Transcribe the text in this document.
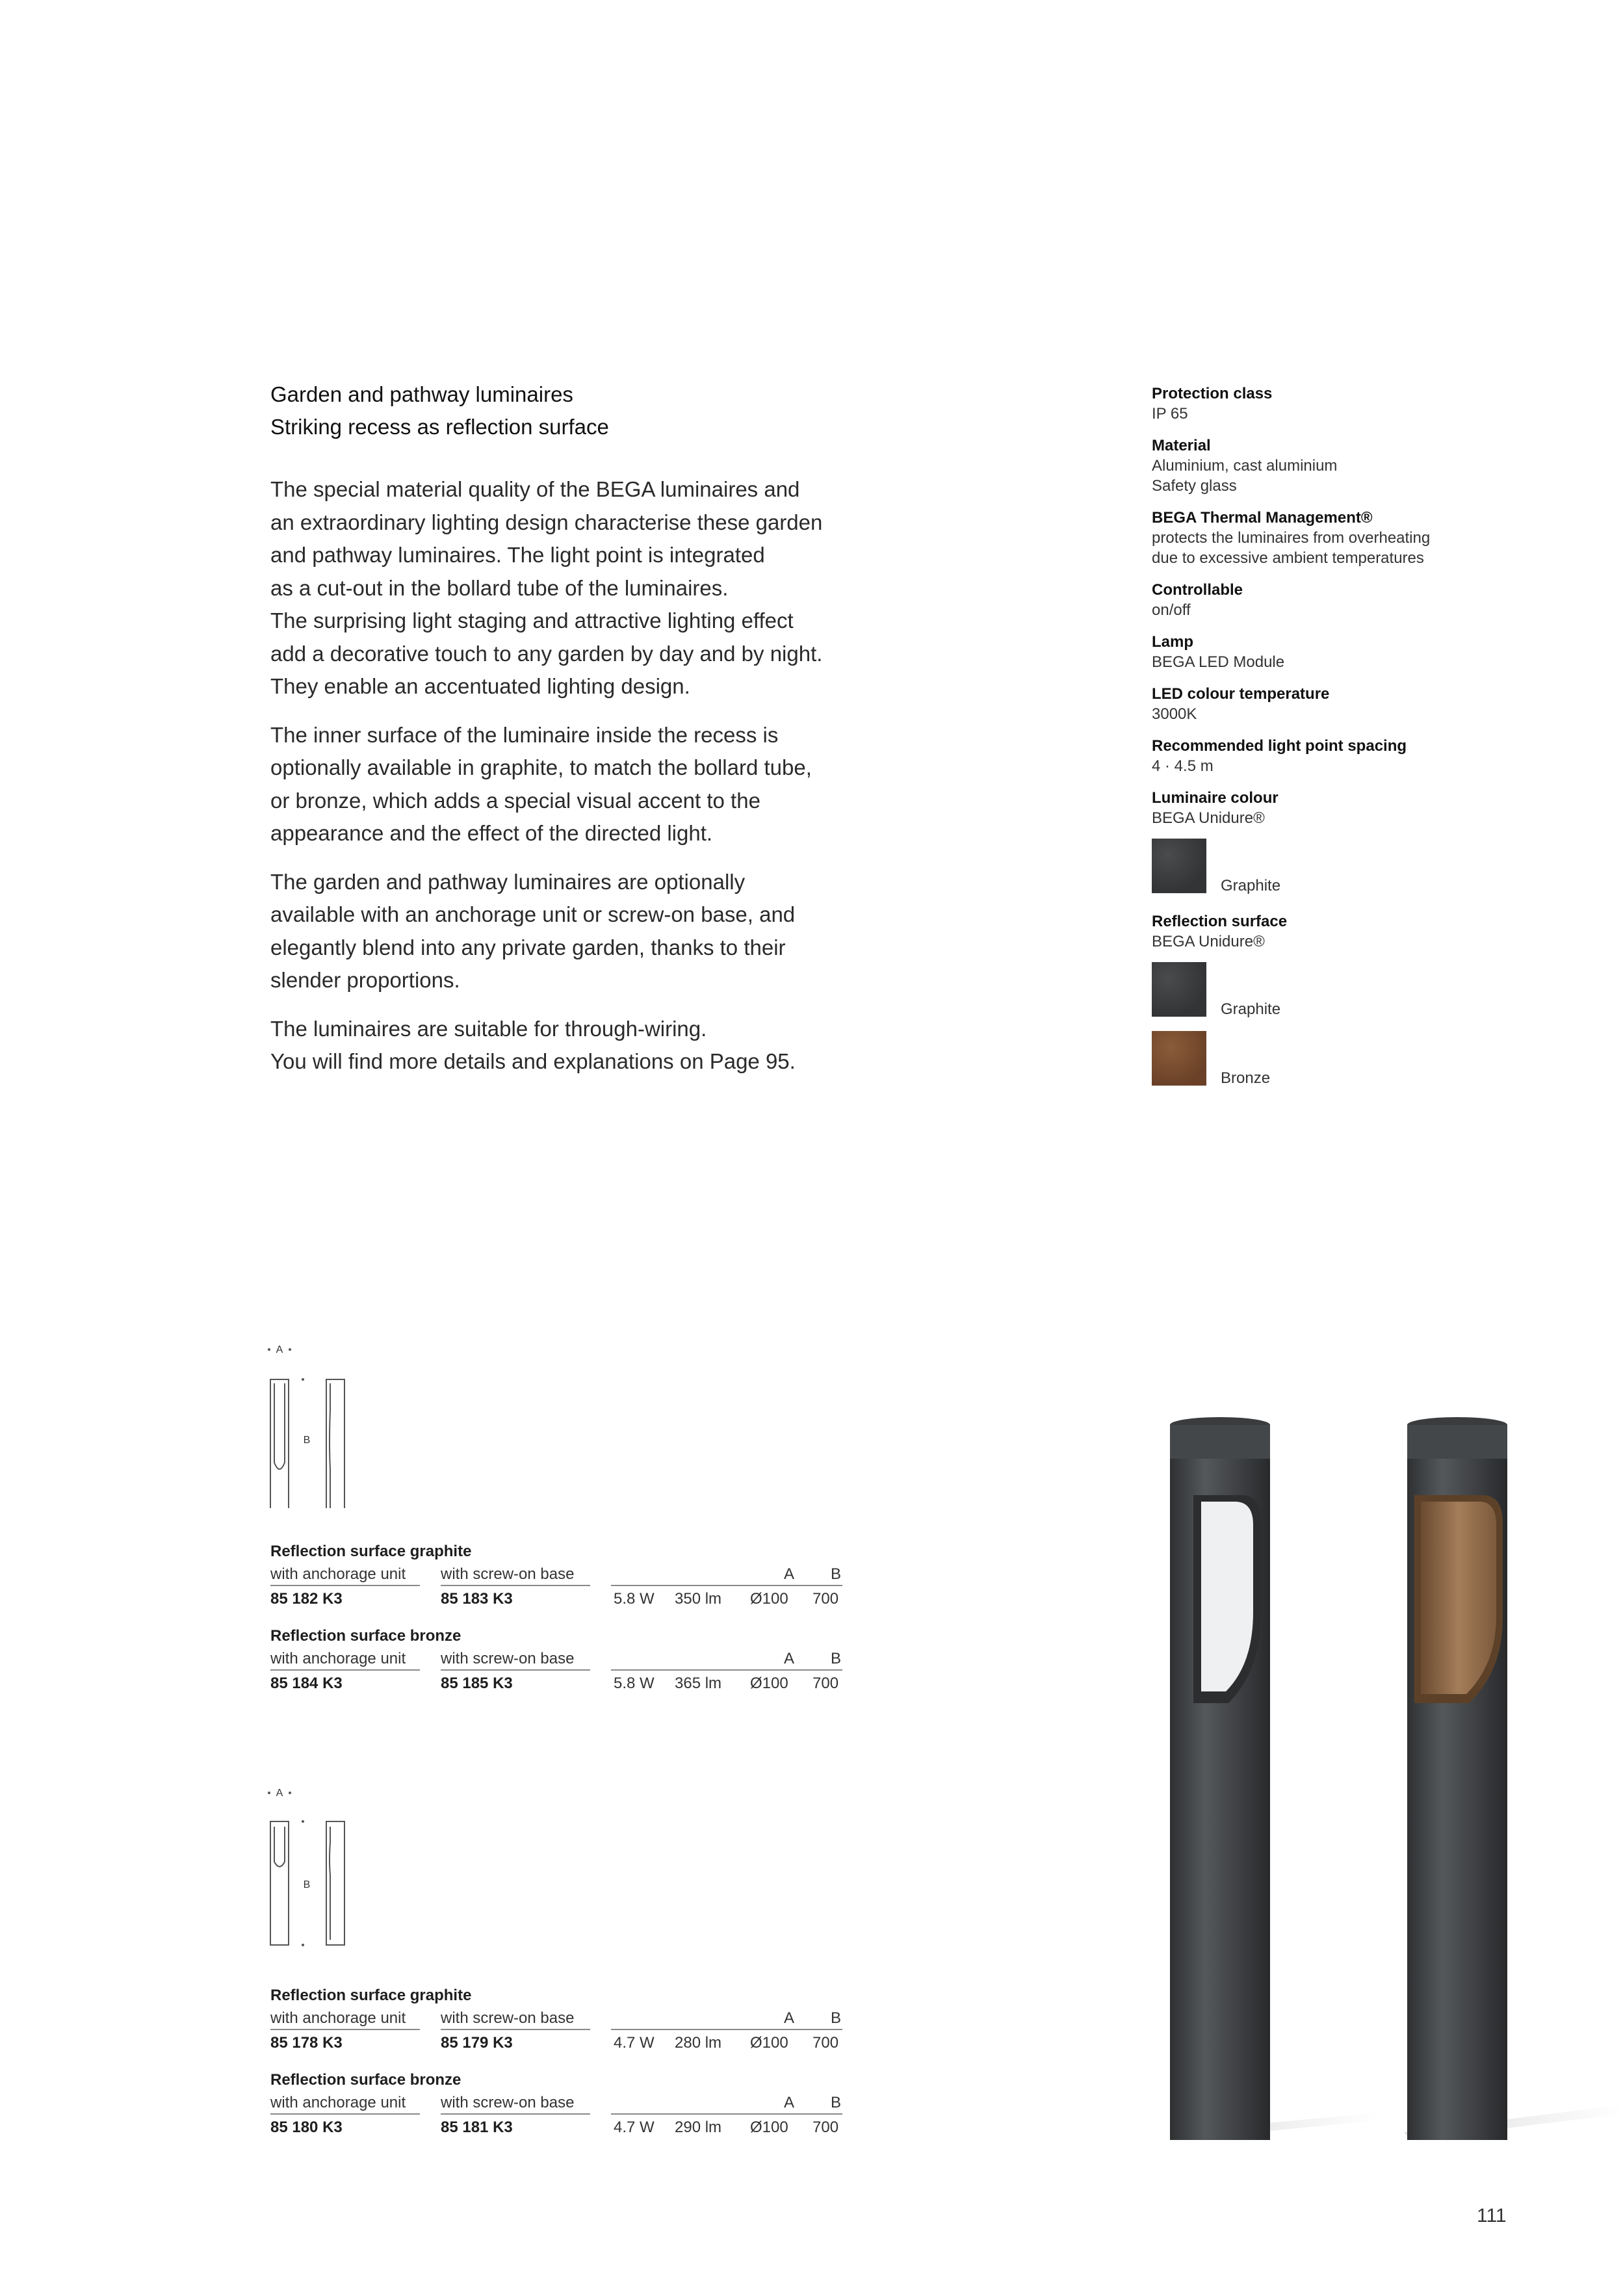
Garden and pathway luminaires
Striking recess as reflection surface

The special material quality of the BEGA luminaires and
an extraordinary lighting design characterise these garden
and pathway luminaires. The light point is integrated
as a cut-out in the bollard tube of the luminaires.
The surprising light staging and attractive lighting effect
add a decorative touch to any garden by day and by night.
They enable an accentuated lighting design.

The inner surface of the luminaire inside the recess is
optionally available in graphite, to match the bollard tube,
or bronze, which adds a special visual accent to the
appearance and the effect of the directed light.

The garden and pathway luminaires are optionally
available with an anchorage unit or screw-on base, and
elegantly blend into any private garden, thanks to their
slender proportions.

The luminaires are suitable for through-wiring.
You will find more details and explanations on Page 95.

Protection class
IP 65
Material
Aluminium, cast aluminium
Safety glass
BEGA Thermal Management®
protects the luminaires from overheating
due to excessive ambient temperatures
Controllable
on/off
Lamp
BEGA LED Module
LED colour temperature
3000K
Recommended light point spacing
4 · 4.5 m
Luminaire colour
BEGA Unidure®
Graphite
Reflection surface
BEGA Unidure®
Graphite
Bronze
A
B
A
B
Reflection surface graphite
with anchorage unit	with screw-on base	A B
85 182 K3	85 183 K3	5.8 W 350 lm Ø100 700
Reflection surface bronze
with anchorage unit	with screw-on base	A B
85 184 K3	85 185 K3	5.8 W 365 lm Ø100 700
Reflection surface graphite
with anchorage unit	with screw-on base	A B
85 178 K3	85 179 K3	4.7 W 280 lm Ø100 700
Reflection surface bronze
with anchorage unit	with screw-on base	A B
85 180 K3	85 181 K3	4.7 W 290 lm Ø100 700
111
